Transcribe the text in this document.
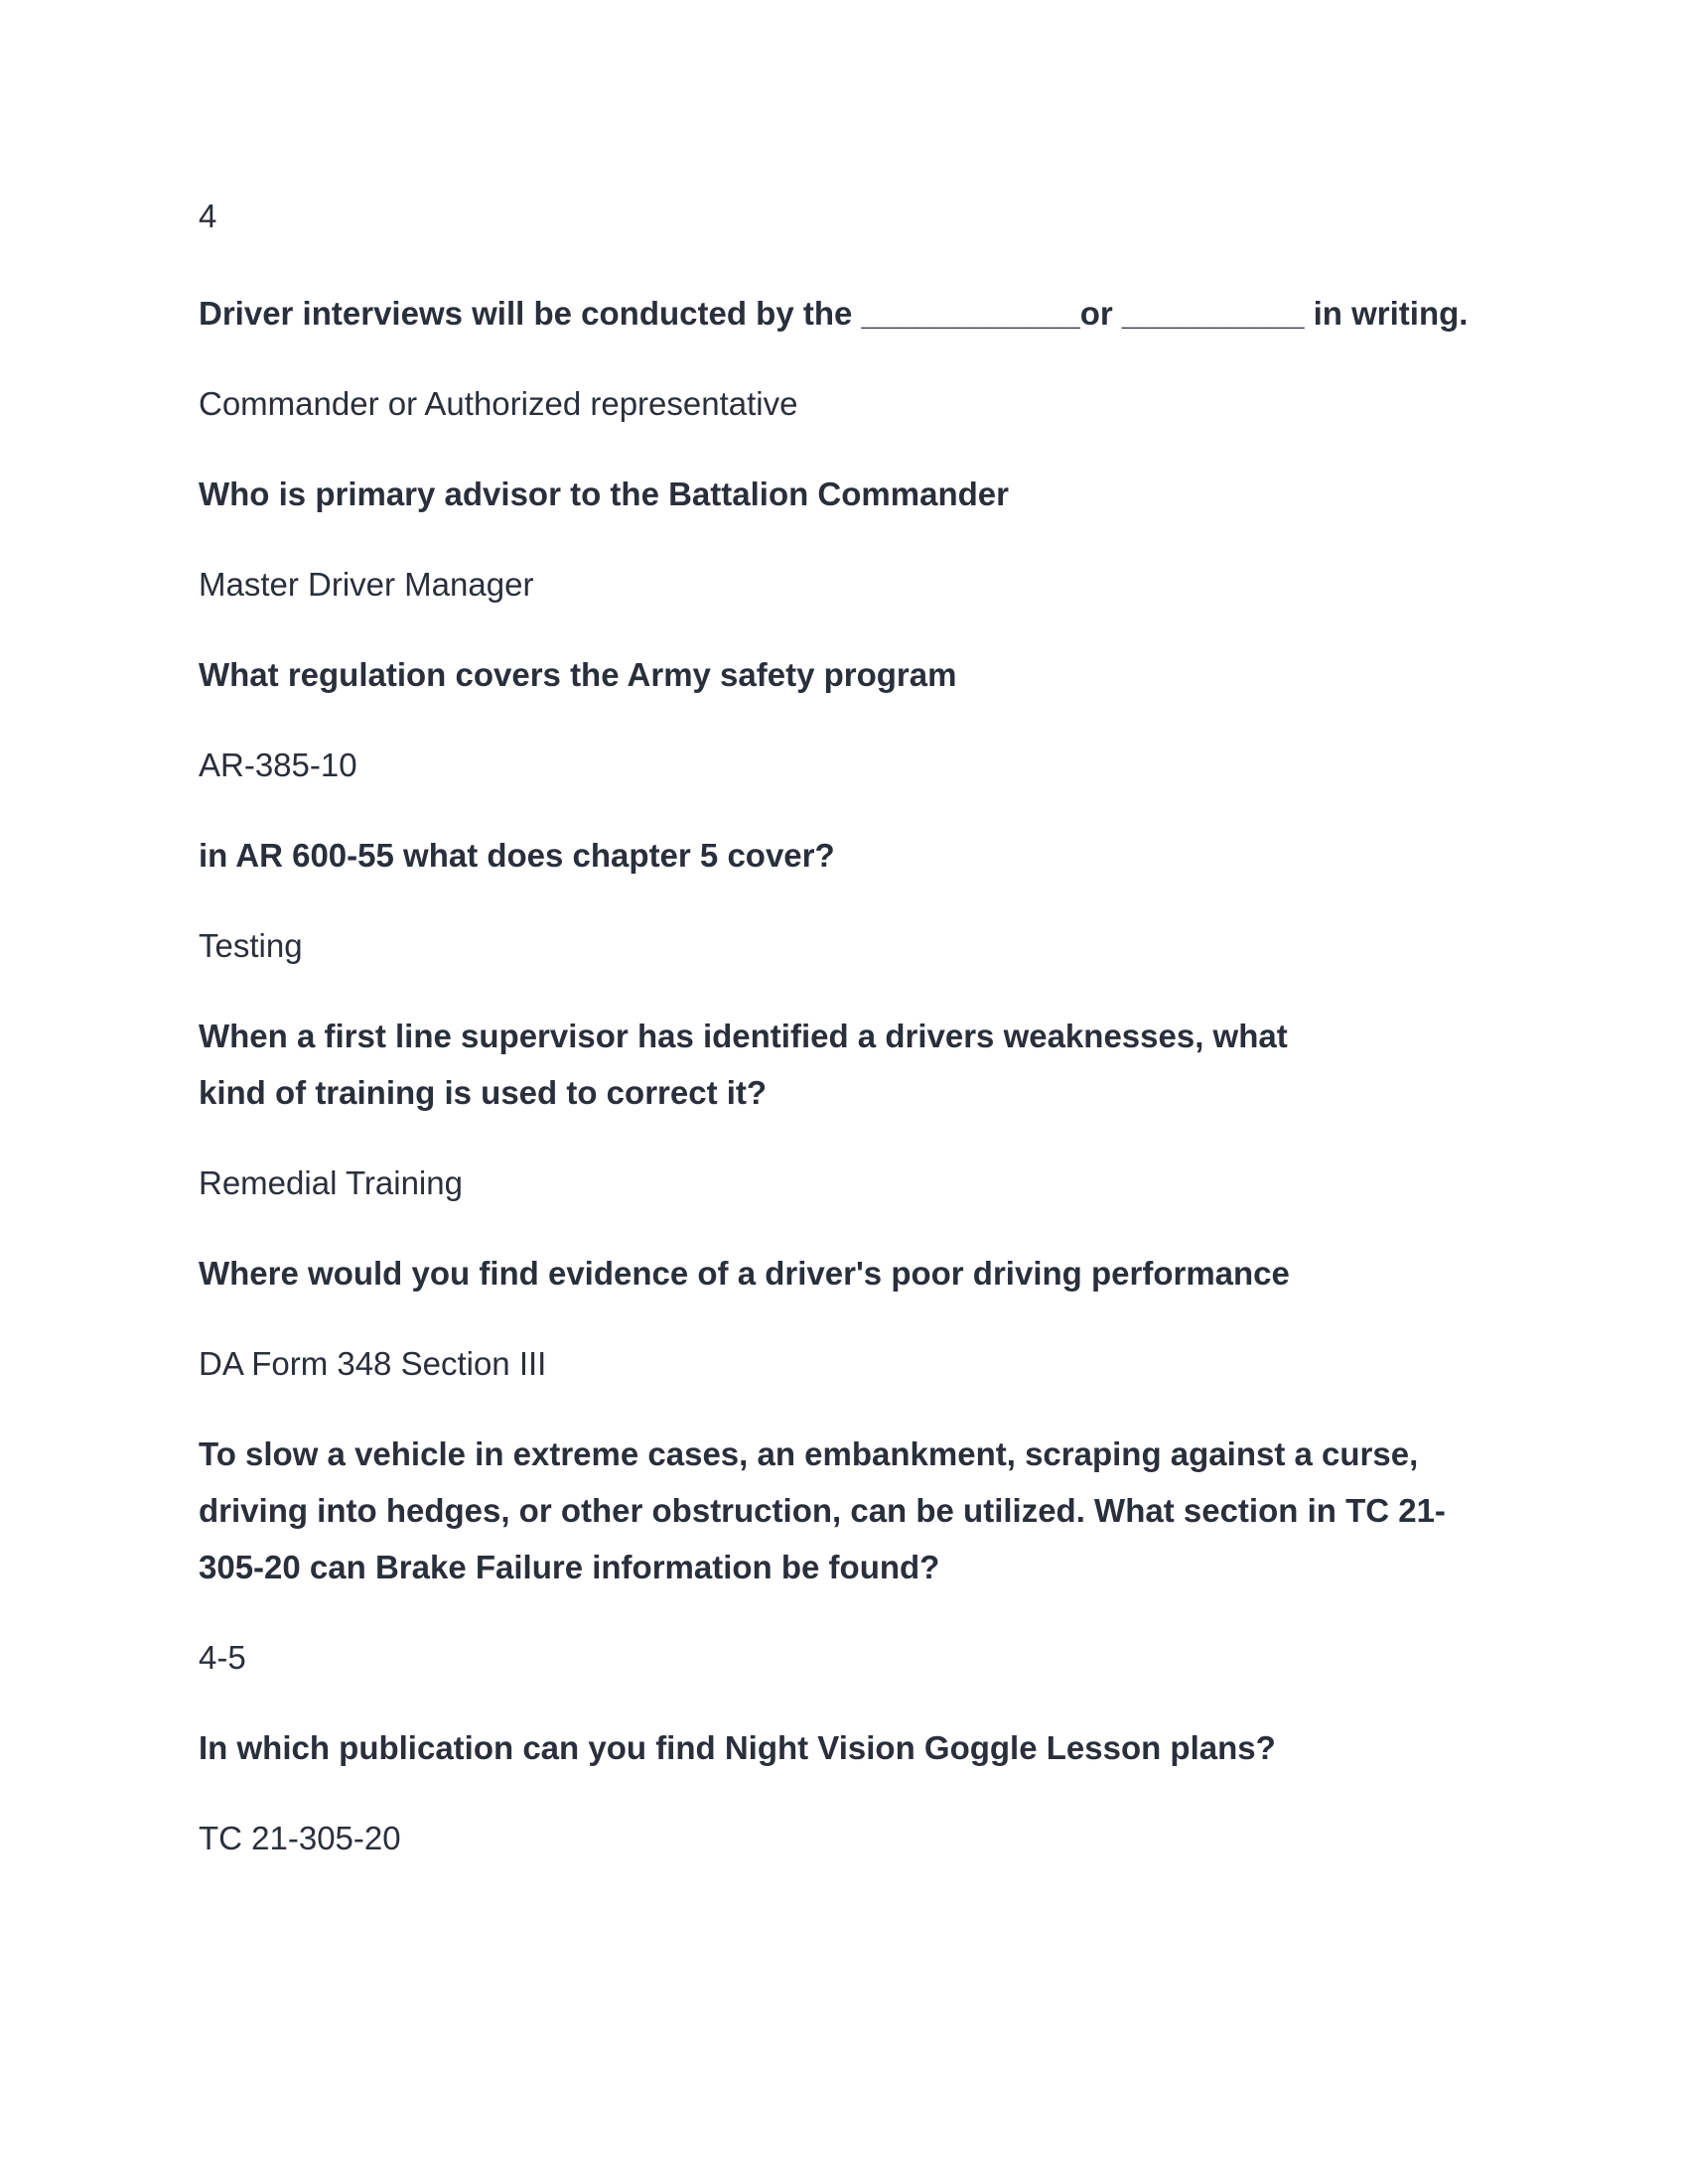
4
Driver interviews will be conducted by the ____________or __________ in writing.
Commander or Authorized representative
Who is primary advisor to the Battalion Commander
Master Driver Manager
What regulation covers the Army safety program
AR-385-10
in AR 600-55 what does chapter 5 cover?
Testing
When a first line supervisor has identified a drivers weaknesses, what
kind of training is used to correct it?
Remedial Training
Where would you find evidence of a driver's poor driving performance
DA Form 348 Section III
To slow a vehicle in extreme cases, an embankment, scraping against a curse,
driving into hedges, or other obstruction, can be utilized. What section in TC 21-
305-20 can Brake Failure information be found?
4-5
In which publication can you find Night Vision Goggle Lesson plans?
TC 21-305-20
